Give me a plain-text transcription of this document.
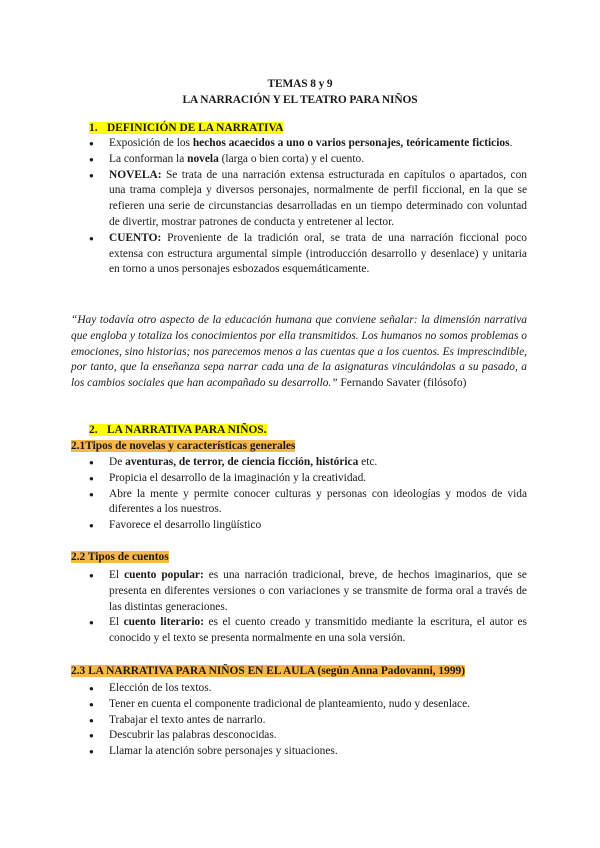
TEMAS 8 y 9
LA NARRACIÓN Y EL TEATRO PARA NIÑOS
1. DEFINICIÓN DE LA NARRATIVA
● Exposición de los hechos acaecidos a uno o varios personajes, teóricamente ficticios.
● La conforman la novela (larga o bien corta) y el cuento.
● NOVELA: Se trata de una narración extensa estructurada en capítulos o apartados, con una trama compleja y diversos personajes, normalmente de perfil ficcional, en la que se refieren una serie de circunstancias desarrolladas en un tiempo determinado con voluntad de divertir, mostrar patrones de conducta y entretener al lector.
● CUENTO: Proveniente de la tradición oral, se trata de una narración ficcional poco extensa con estructura argumental simple (introducción desarrollo y desenlace) y unitaria en torno a unos personajes esbozados esquemáticamente.
“Hay todavía otro aspecto de la educación humana que conviene señalar: la dimensión narrativa que engloba y totaliza los conocimientos por ella transmitidos. Los humanos no somos problemas o emociones, sino historias; nos parecemos menos a las cuentas que a los cuentos. Es imprescindible, por tanto, que la enseñanza sepa narrar cada una de la asignaturas vinculándolas a su pasado, a los cambios sociales que han acompañado su desarrollo.” Fernando Savater (filósofo)
2. LA NARRATIVA PARA NIÑOS.
2.1Tipos de novelas y características generales
● De aventuras, de terror, de ciencia ficción, histórica etc.
● Propicia el desarrollo de la imaginación y la creatividad.
● Abre la mente y permite conocer culturas y personas con ideologías y modos de vida diferentes a los nuestros.
● Favorece el desarrollo lingüístico
2.2 Tipos de cuentos
● El cuento popular: es una narración tradicional, breve, de hechos imaginarios, que se presenta en diferentes versiones o con variaciones y se transmite de forma oral a través de las distintas generaciones.
● El cuento literario: es el cuento creado y transmitido mediante la escritura, el autor es conocido y el texto se presenta normalmente en una sola versión.
2.3 LA NARRATIVA PARA NIÑOS EN EL AULA (según Anna Padovanni, 1999)
● Elección de los textos.
● Tener en cuenta el componente tradicional de planteamiento, nudo y desenlace.
● Trabajar el texto antes de narrarlo.
● Descubrir las palabras desconocidas.
● Llamar la atención sobre personajes y situaciones.
